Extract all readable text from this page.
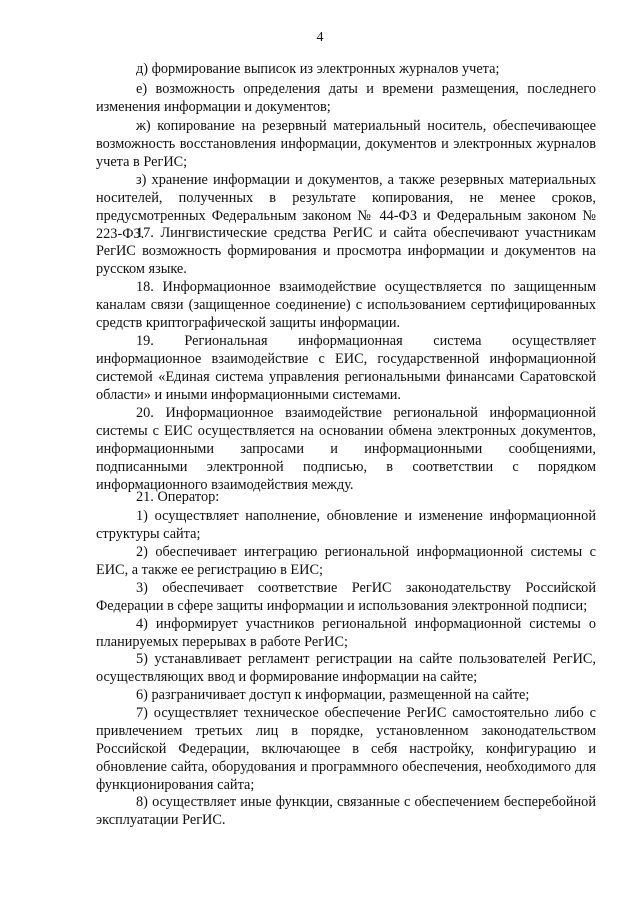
4

д) формирование выписок из электронных журналов учета;

е) возможность определения даты и времени размещения, последнего изменения информации и документов;

ж) копирование на резервный материальный носитель, обеспечивающее возможность восстановления информации, документов и электронных журналов учета в РегИС;

з) хранение информации и документов, а также резервных материальных носителей, полученных в результате копирования, не менее сроков, предусмотренных Федеральным законом № 44-ФЗ и Федеральным законом № 223-ФЗ.

17. Лингвистические средства РегИС и сайта обеспечивают участникам РегИС возможность формирования и просмотра информации и документов на русском языке.

18. Информационное взаимодействие осуществляется по защищенным каналам связи (защищенное соединение) с использованием сертифицированных средств криптографической защиты информации.

19. Региональная информационная система осуществляет информационное взаимодействие с ЕИС, государственной информационной системой «Единая система управления региональными финансами Саратовской области» и иными информационными системами.

20. Информационное взаимодействие региональной информационной системы с ЕИС осуществляется на основании обмена электронных документов, информационными запросами и информационными сообщениями, подписанными электронной подписью, в соответствии с порядком информационного взаимодействия между.

21. Оператор:

1) осуществляет наполнение, обновление и изменение информационной структуры сайта;

2) обеспечивает интеграцию региональной информационной системы с ЕИС, а также ее регистрацию в ЕИС;

3) обеспечивает соответствие РегИС законодательству Российской Федерации в сфере защиты информации и использования электронной подписи;

4) информирует участников региональной информационной системы о планируемых перерывах в работе РегИС;

5) устанавливает регламент регистрации на сайте пользователей РегИС, осуществляющих ввод и формирование информации на сайте;

6) разграничивает доступ к информации, размещенной на сайте;

7) осуществляет техническое обеспечение РегИС самостоятельно либо с привлечением третьих лиц в порядке, установленном законодательством Российской Федерации, включающее в себя настройку, конфигурацию и обновление сайта, оборудования и программного обеспечения, необходимого для функционирования сайта;

8) осуществляет иные функции, связанные с обеспечением бесперебойной эксплуатации РегИС.
